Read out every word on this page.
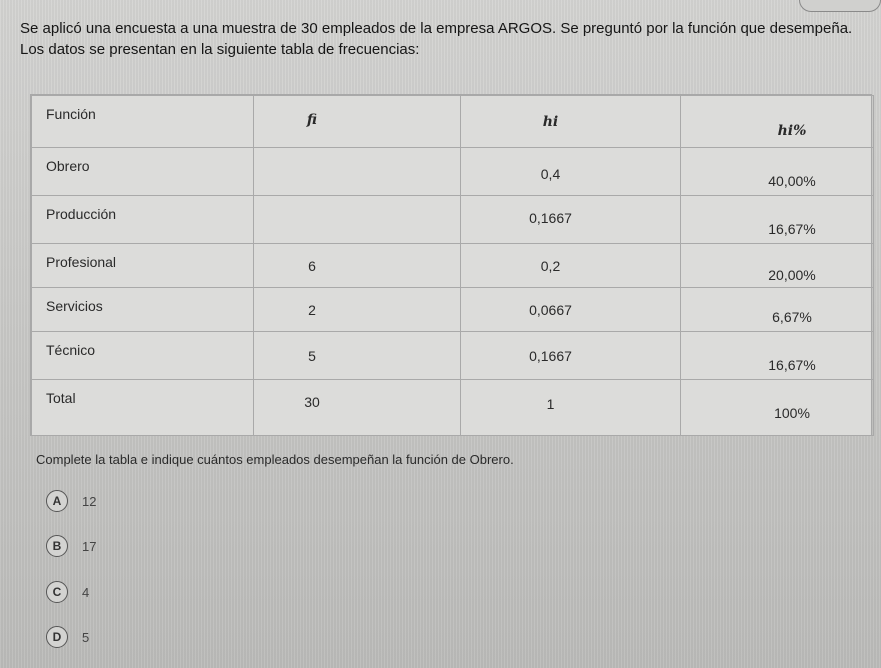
Se aplicó una encuesta a una muestra de 30 empleados de la empresa ARGOS. Se preguntó por la función que desempeña. Los datos se presentan en la siguiente tabla de frecuencias:
Función	fi	hi	hi%
Obrero		0,4	40,00%
Producción		0,1667	16,67%
Profesional	6	0,2	20,00%
Servicios	2	0,0667	6,67%
Técnico	5	0,1667	16,67%
Total	30	1	100%
Complete la tabla e indique cuántos empleados desempeñan la función de Obrero.
A	12
B	17
C	4
D	5
